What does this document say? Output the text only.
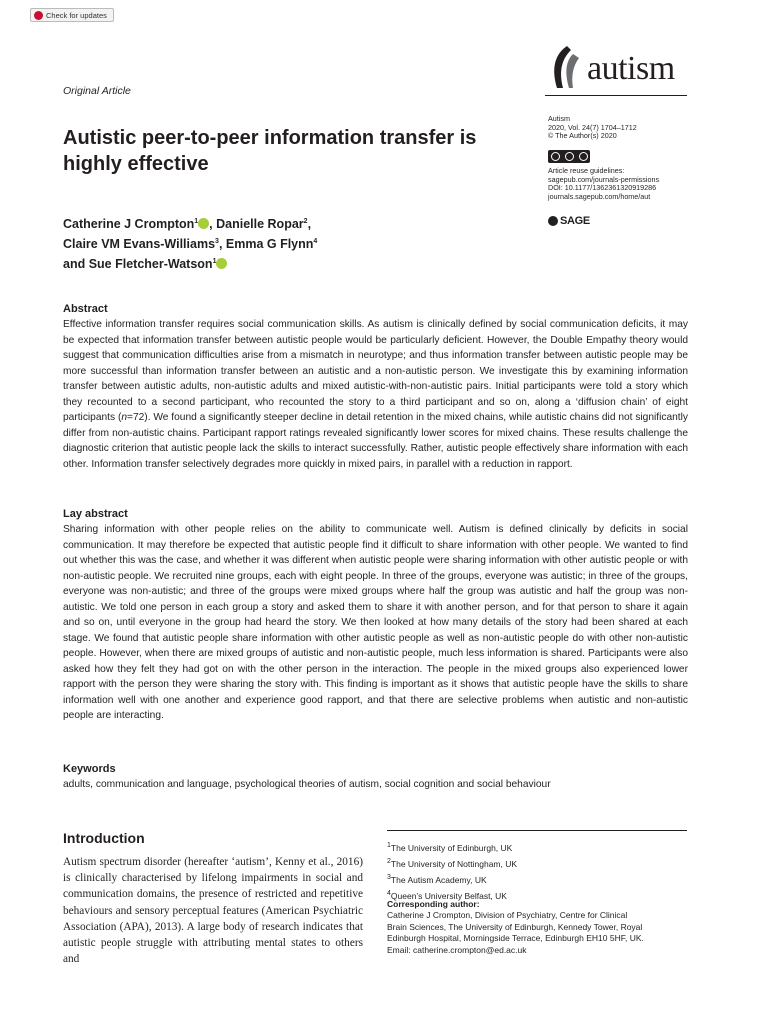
Check for updates
Original Article
autism
Autism
2020, Vol. 24(7) 1704–1712
© The Author(s) 2020
Article reuse guidelines:
sagepub.com/journals-permissions
DOI: 10.1177/1362361320919286
journals.sagepub.com/home/aut
SAGE
Autistic peer-to-peer information transfer is highly effective
Catherine J Crompton$^1$ , Danielle Ropar$^2$,
Claire VM Evans-Williams$^3$, Emma G Flynn$^4$
and Sue Fletcher-Watson$^1$
Abstract
Effective information transfer requires social communication skills. As autism is clinically defined by social communication deficits, it may be expected that information transfer between autistic people would be particularly deficient. However, the Double Empathy theory would suggest that communication difficulties arise from a mismatch in neurotype; and thus information transfer between autistic people may be more successful than information transfer between an autistic and a non-autistic person. We investigate this by examining information transfer between autistic adults, non-autistic adults and mixed autistic-with-non-autistic pairs. Initial participants were told a story which they recounted to a second participant, who recounted the story to a third participant and so on, along a ‘diffusion chain’ of eight participants (n=72). We found a significantly steeper decline in detail retention in the mixed chains, while autistic chains did not significantly differ from non-autistic chains. Participant rapport ratings revealed significantly lower scores for mixed chains. These results challenge the diagnostic criterion that autistic people lack the skills to interact successfully. Rather, autistic people effectively share information with each other. Information transfer selectively degrades more quickly in mixed pairs, in parallel with a reduction in rapport.
Lay abstract
Sharing information with other people relies on the ability to communicate well. Autism is defined clinically by deficits in social communication. It may therefore be expected that autistic people find it difficult to share information with other people. We wanted to find out whether this was the case, and whether it was different when autistic people were sharing information with other autistic people or with non-autistic people. We recruited nine groups, each with eight people. In three of the groups, everyone was autistic; in three of the groups, everyone was non-autistic; and three of the groups were mixed groups where half the group was autistic and half the group was non-autistic. We told one person in each group a story and asked them to share it with another person, and for that person to share it again and so on, until everyone in the group had heard the story. We then looked at how many details of the story had been shared at each stage. We found that autistic people share information with other autistic people as well as non-autistic people do with other non-autistic people. However, when there are mixed groups of autistic and non-autistic people, much less information is shared. Participants were also asked how they felt they had got on with the other person in the interaction. The people in the mixed groups also experienced lower rapport with the person they were sharing the story with. This finding is important as it shows that autistic people have the skills to share information well with one another and experience good rapport, and that there are selective problems when autistic and non-autistic people are interacting.
Keywords
adults, communication and language, psychological theories of autism, social cognition and social behaviour
Introduction
Autism spectrum disorder (hereafter ‘autism’, Kenny et al., 2016) is clinically characterised by lifelong impairments in social and communication domains, the presence of restricted and repetitive behaviours and sensory perceptual features (American Psychiatric Association (APA), 2013). A large body of research indicates that autistic people struggle with attributing mental states to others and
$^1$The University of Edinburgh, UK
$^2$The University of Nottingham, UK
$^3$The Autism Academy, UK
$^4$Queen’s University Belfast, UK
Corresponding author:
Catherine J Crompton, Division of Psychiatry, Centre for Clinical
Brain Sciences, The University of Edinburgh, Kennedy Tower, Royal
Edinburgh Hospital, Morningside Terrace, Edinburgh EH10 5HF, UK.
Email: catherine.crompton@ed.ac.uk
